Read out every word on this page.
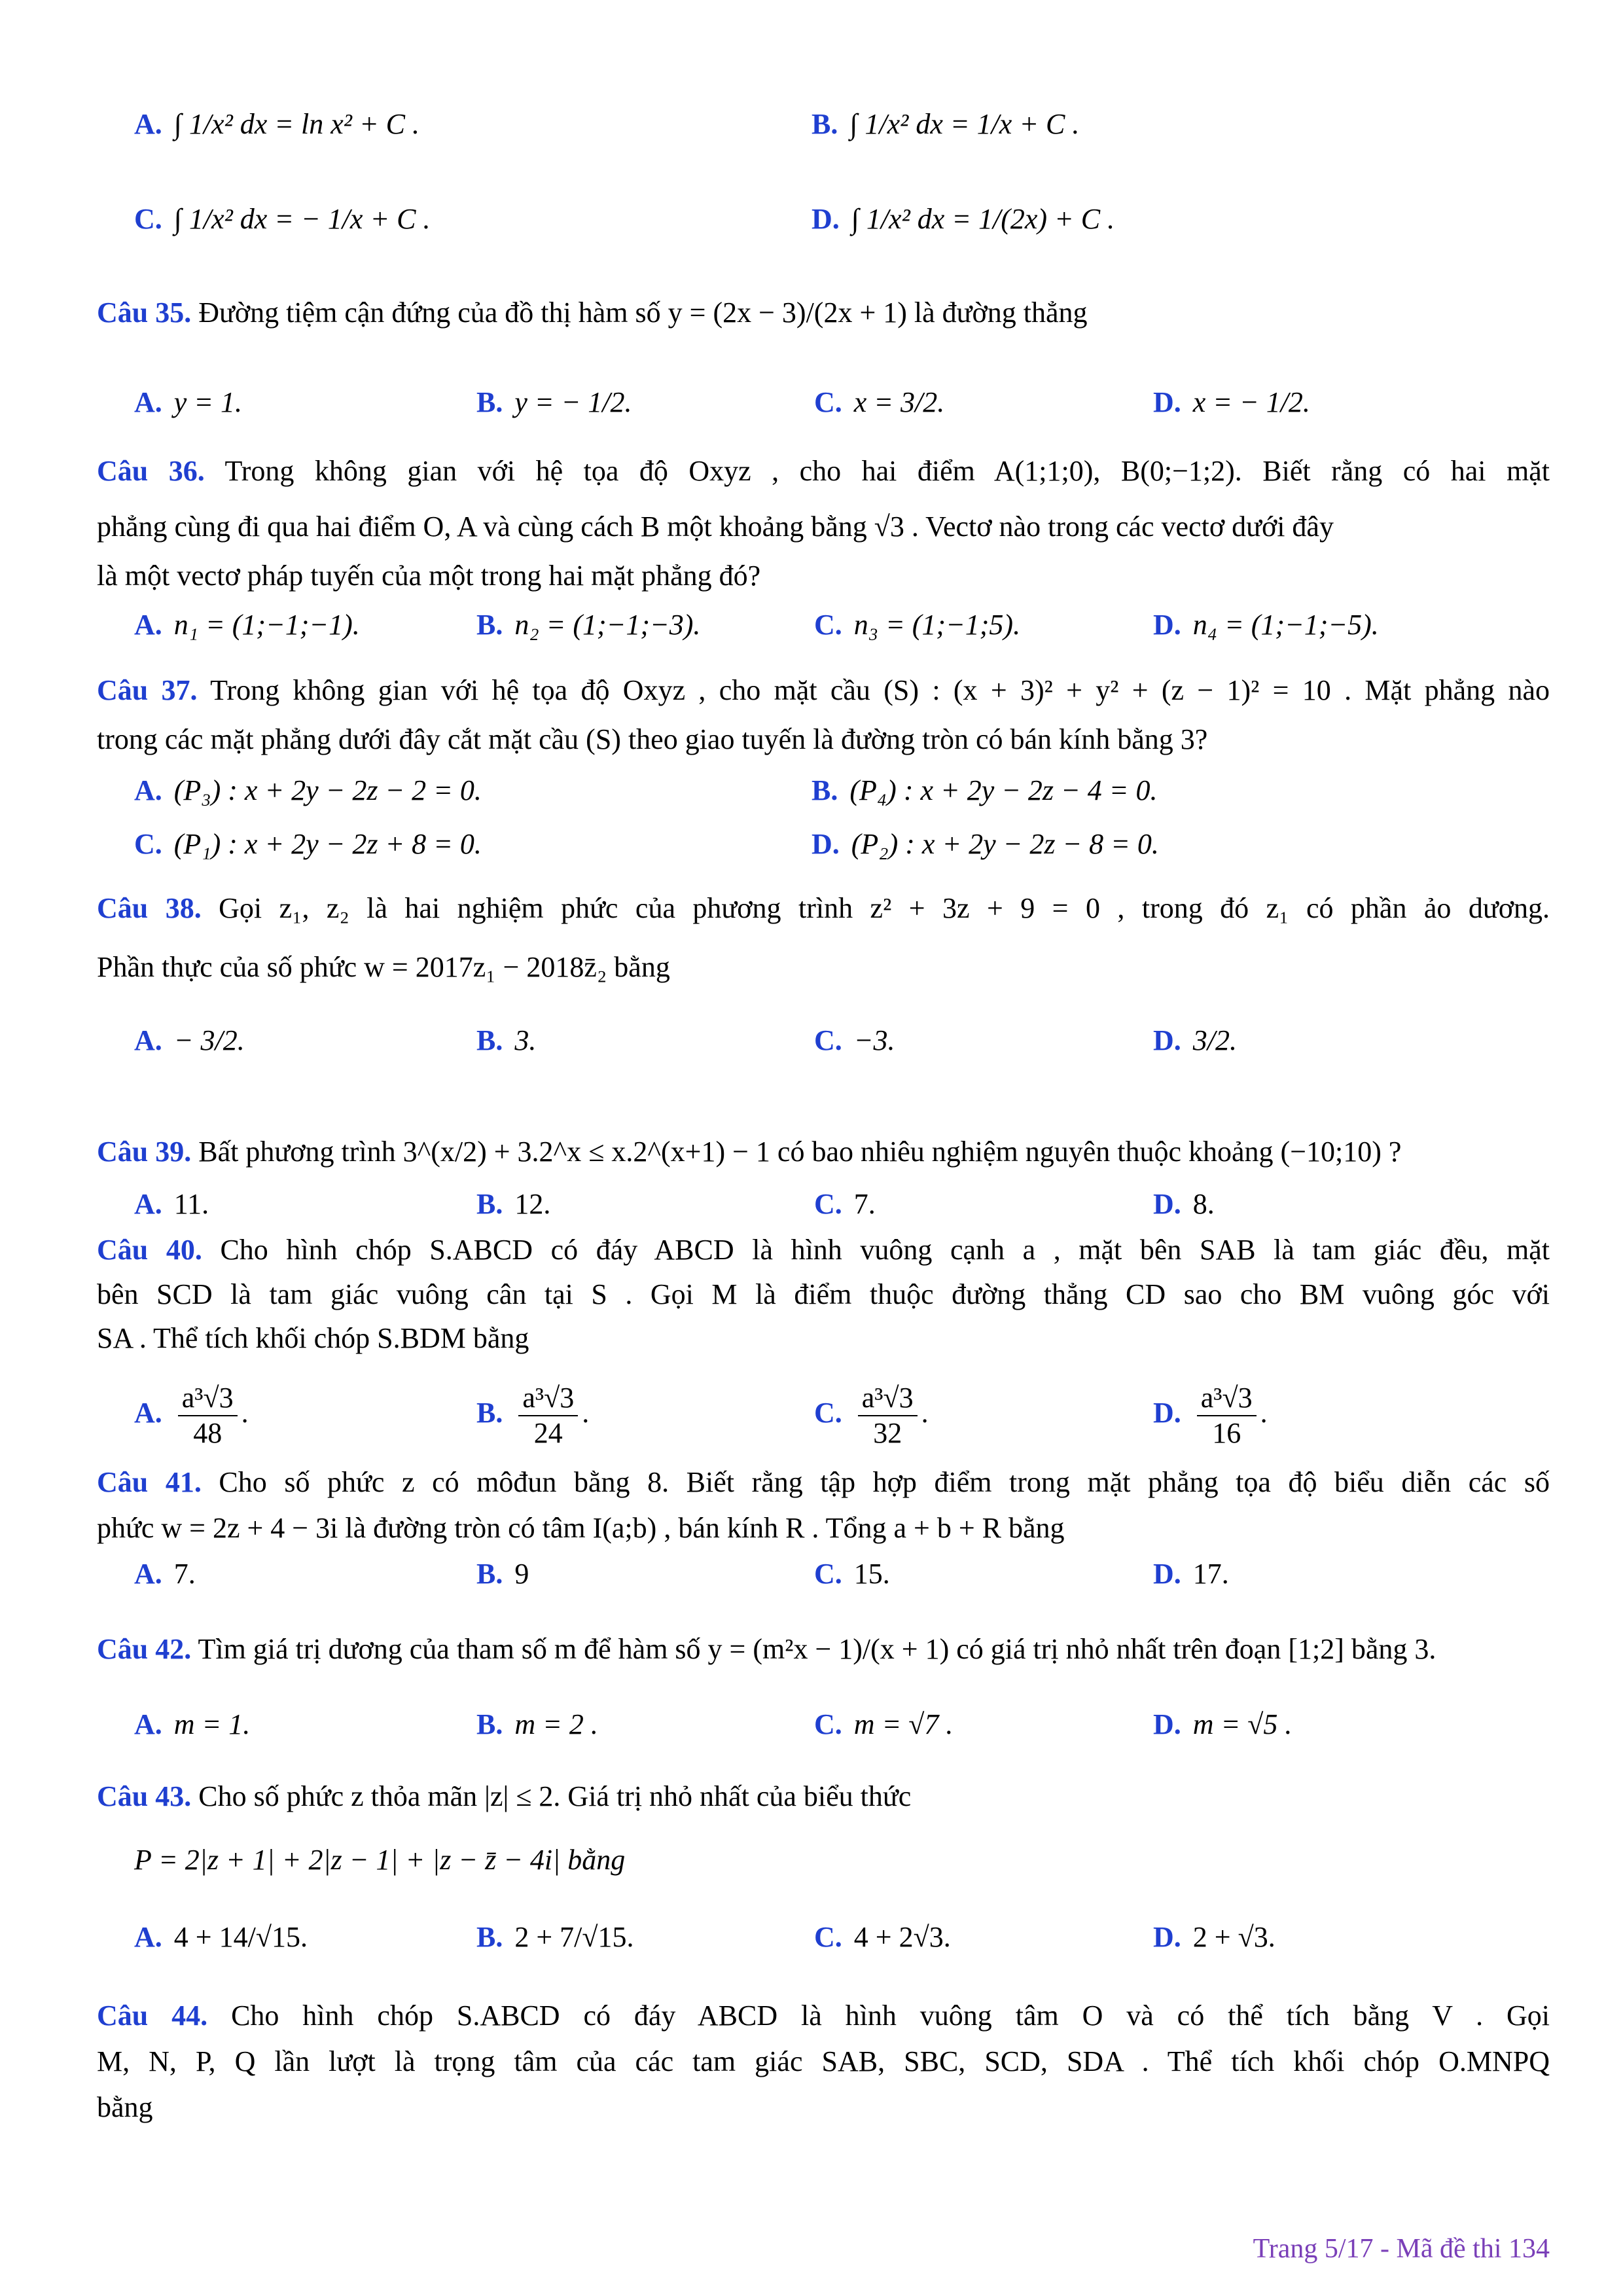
A. ∫ 1/x² dx = ln x² + C .	B. ∫ 1/x² dx = 1/x + C .
C. ∫ 1/x² dx = − 1/x + C .	D. ∫ 1/x² dx = 1/(2x) + C .
Câu 35. Đường tiệm cận đứng của đồ thị hàm số y = (2x − 3)/(2x + 1) là đường thẳng
A. y = 1.	B. y = − 1/2.	C. x = 3/2.	D. x = − 1/2.
Câu 36. Trong không gian với hệ tọa độ Oxyz , cho hai điểm A(1;1;0), B(0;−1;2). Biết rằng có hai mặt
phẳng cùng đi qua hai điểm O, A và cùng cách B một khoảng bằng √3 . Vectơ nào trong các vectơ dưới đây
là một vectơ pháp tuyến của một trong hai mặt phẳng đó?
A. n₁ = (1;−1;−1).	B. n₂ = (1;−1;−3).	C. n₃ = (1;−1;5).	D. n₄ = (1;−1;−5).
Câu 37. Trong không gian với hệ tọa độ Oxyz , cho mặt cầu (S) : (x + 3)² + y² + (z − 1)² = 10 . Mặt phẳng nào
trong các mặt phẳng dưới đây cắt mặt cầu (S) theo giao tuyến là đường tròn có bán kính bằng 3?
A. (P₃) : x + 2y − 2z − 2 = 0.	B. (P₄) : x + 2y − 2z − 4 = 0.
C. (P₁) : x + 2y − 2z + 8 = 0.	D. (P₂) : x + 2y − 2z − 8 = 0.
Câu 38. Gọi z₁, z₂ là hai nghiệm phức của phương trình z² + 3z + 9 = 0 , trong đó z₁ có phần ảo dương.
Phần thực của số phức w = 2017z₁ − 2018z̄₂ bằng
A. − 3/2.	B. 3.	C. −3.	D. 3/2.
Câu 39. Bất phương trình 3^(x/2) + 3.2^x ≤ x.2^(x+1) − 1 có bao nhiêu nghiệm nguyên thuộc khoảng (−10;10) ?
A. 11.	B. 12.	C. 7.	D. 8.
Câu 40. Cho hình chóp S.ABCD có đáy ABCD là hình vuông cạnh a , mặt bên SAB là tam giác đều, mặt
bên SCD là tam giác vuông cân tại S . Gọi M là điểm thuộc đường thẳng CD sao cho BM vuông góc với
SA . Thể tích khối chóp S.BDM bằng
A. $\frac{\text{a³√3}}{48}$ .	B. $\frac{\text{a³√3}}{24}$ .	C. $\frac{\text{a³√3}}{32}$ .	D. $\frac{\text{a³√3}}{16}$ .
Câu 41. Cho số phức z có môđun bằng 8. Biết rằng tập hợp điểm trong mặt phẳng tọa độ biểu diễn các số
phức w = 2z + 4 − 3i là đường tròn có tâm I(a;b) , bán kính R . Tổng a + b + R bằng
A. 7.	B. 9	C. 15.	D. 17.
Câu 42. Tìm giá trị dương của tham số m để hàm số y = (m²x − 1)/(x + 1) có giá trị nhỏ nhất trên đoạn [1;2] bằng 3.
A. m = 1.	B. m = 2 .	C. m = √7 .	D. m = √5 .
Câu 43. Cho số phức z thỏa mãn |z| ≤ 2. Giá trị nhỏ nhất của biểu thức
P = 2|z + 1| + 2|z − 1| + |z − z̄ − 4i| bằng
A. 4 + 14/√15.	B. 2 + 7/√15.	C. 4 + 2√3.	D. 2 + √3.
Câu 44. Cho hình chóp S.ABCD có đáy ABCD là hình vuông tâm O và có thể tích bằng V . Gọi
M, N, P, Q lần lượt là trọng tâm của các tam giác SAB, SBC, SCD, SDA . Thể tích khối chóp O.MNPQ
bằng
Trang 5/17 - Mã đề thi 134
